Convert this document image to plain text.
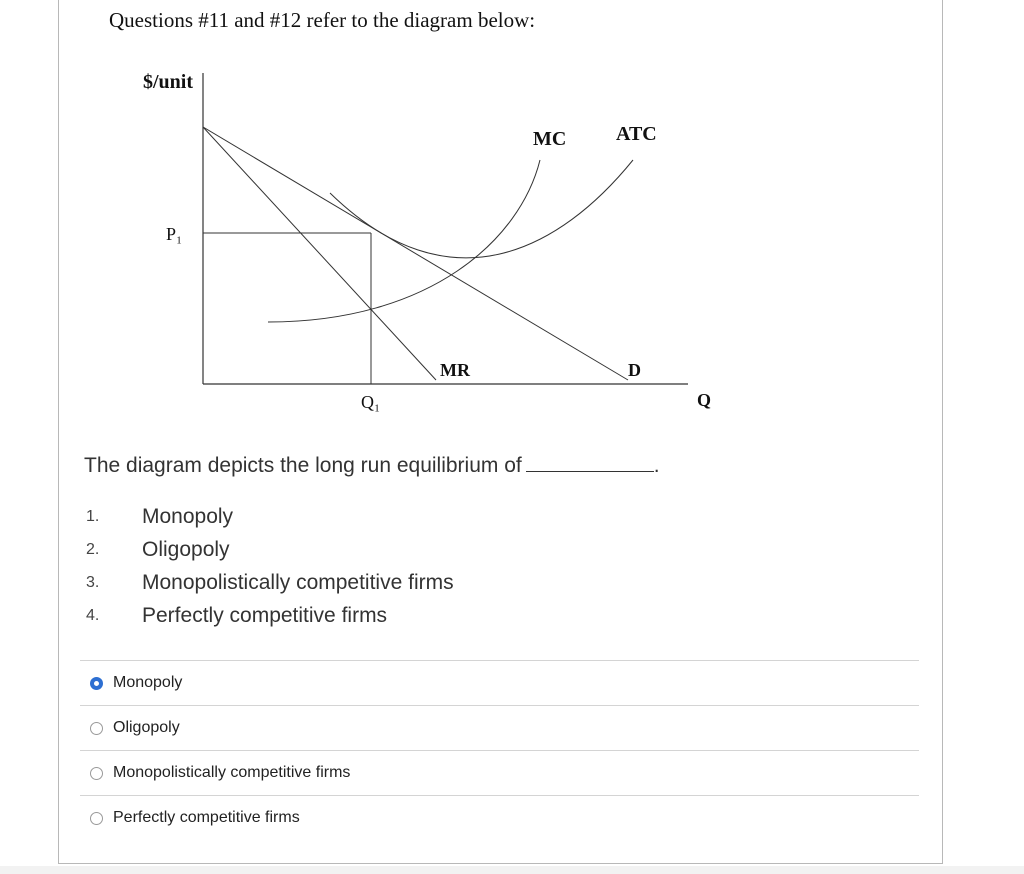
Questions #11 and #12 refer to the diagram below:
$/unit
P₁
MC ATC
MR	D
Q₁	Q
The diagram depicts the long run equilibrium of	.
1.	Monopoly
2.	Oligopoly
3.	Monopolistically competitive firms
4.	Perfectly competitive firms
Monopoly
Oligopoly
Monopolistically competitive firms
Perfectly competitive firms
